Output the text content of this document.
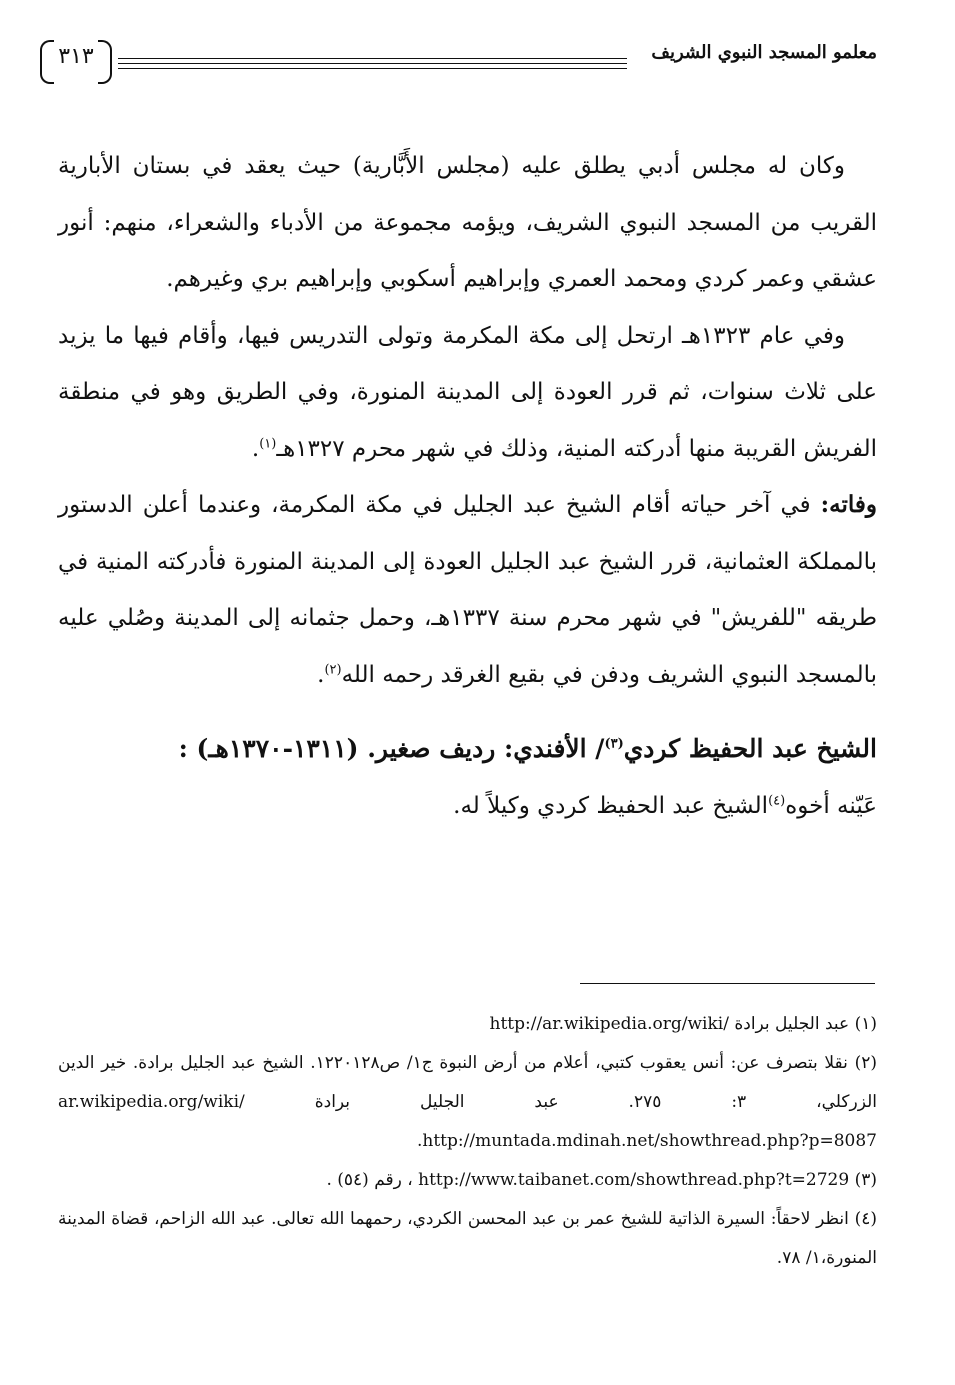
معلمو المسجد النبوي الشريف
٣١٣

وكان له مجلس أدبي يطلق عليه (مجلس الأَبَّارية) حيث يعقد في بستان الأبارية القريب من المسجد النبوي الشريف، ويؤمه مجموعة من الأدباء والشعراء، منهم: أنور عشقي وعمر كردي ومحمد العمري وإبراهيم أسكوبي وإبراهيم بري وغيرهم.

وفي عام ١٣٢٣هـ ارتحل إلى مكة المكرمة وتولى التدريس فيها، وأقام فيها ما يزيد على ثلاث سنوات، ثم قرر العودة إلى المدينة المنورة، وفي الطريق وهو في منطقة الفريش القريبة منها أدركته المنية، وذلك في شهر محرم ١٣٢٧هـ$^{(١)}$.

وفاته: في آخر حياته أقام الشيخ عبد الجليل في مكة المكرمة، وعندما أعلن الدستور بالمملكة العثمانية، قرر الشيخ عبد الجليل العودة إلى المدينة المنورة فأدركته المنية في طريقه "للفريش" في شهر محرم سنة ١٣٣٧هـ، وحمل جثمانه إلى المدينة وصُلي عليه بالمسجد النبوي الشريف ودفن في بقيع الغرقد رحمه الله$^{(٢)}$.

الشيخ عبد الحفيظ كردي$^{(٣)}$/ الأفندي: رديف صغير. (١٣١١-١٣٧٠هـ) :

عَيّنه أخوه$^{(٤)}$الشيخ عبد الحفيظ كردي وكيلاً له.

(١) عبد الجليل برادة http://ar.wikipedia.org/wiki/

(٢) نقلا بتصرف عن: أنس يعقوب كتبي، أعلام من أرض النبوة ج١/ ص١٢٢٠١٢٨. الشيخ عبد الجليل برادة. خير الدين الزركلي، ٣: ٢٧٥. عبد الجليل برادة ar.wikipedia.org/wiki/ http://muntada.mdinah.net/showthread.php?p=8087.

(٣) http://www.taibanet.com/showthread.php?t=2729 ، رقم (٥٤) .

(٤) انظر لاحقاً: السيرة الذاتية للشيخ عمر بن عبد المحسن الكردي، رحمهما الله تعالى. عبد الله الزاحم، قضاة المدينة المنورة،١/ ٧٨.
